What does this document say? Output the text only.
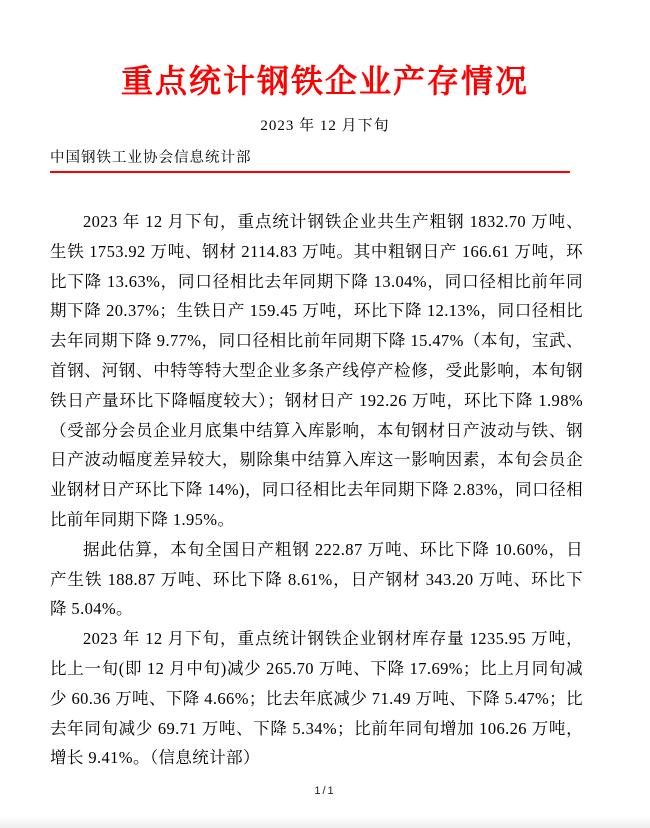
重点统计钢铁企业产存情况
2023 年 12 月下旬
中国钢铁工业协会信息统计部

2023 年 12 月下旬，重点统计钢铁企业共生产粗钢 1832.70 万吨、生铁 1753.92 万吨、钢材 2114.83 万吨。其中粗钢日产 166.61 万吨，环比下降 13.63%，同口径相比去年同期下降 13.04%，同口径相比前年同期下降 20.37%；生铁日产 159.45 万吨，环比下降 12.13%，同口径相比去年同期下降 9.77%，同口径相比前年同期下降 15.47%（本旬，宝武、首钢、河钢、中特等特大型企业多条产线停产检修，受此影响，本旬钢铁日产量环比下降幅度较大）；钢材日产 192.26 万吨，环比下降 1.98%（受部分会员企业月底集中结算入库影响，本旬钢材日产波动与铁、钢日产波动幅度差异较大，剔除集中结算入库这一影响因素，本旬会员企业钢材日产环比下降 14%)，同口径相比去年同期下降 2.83%，同口径相比前年同期下降 1.95%。

据此估算，本旬全国日产粗钢 222.87 万吨、环比下降 10.60%，日产生铁 188.87 万吨、环比下降 8.61%，日产钢材 343.20 万吨、环比下降 5.04%。

2023 年 12 月下旬，重点统计钢铁企业钢材库存量 1235.95 万吨，比上一旬(即 12 月中旬)减少 265.70 万吨、下降 17.69%；比上月同旬减少 60.36 万吨、下降 4.66%；比去年底减少 71.49 万吨、下降 5.47%；比去年同旬减少 69.71 万吨、下降 5.34%；比前年同旬增加 106.26 万吨，增长 9.41%。（信息统计部）

1/1
